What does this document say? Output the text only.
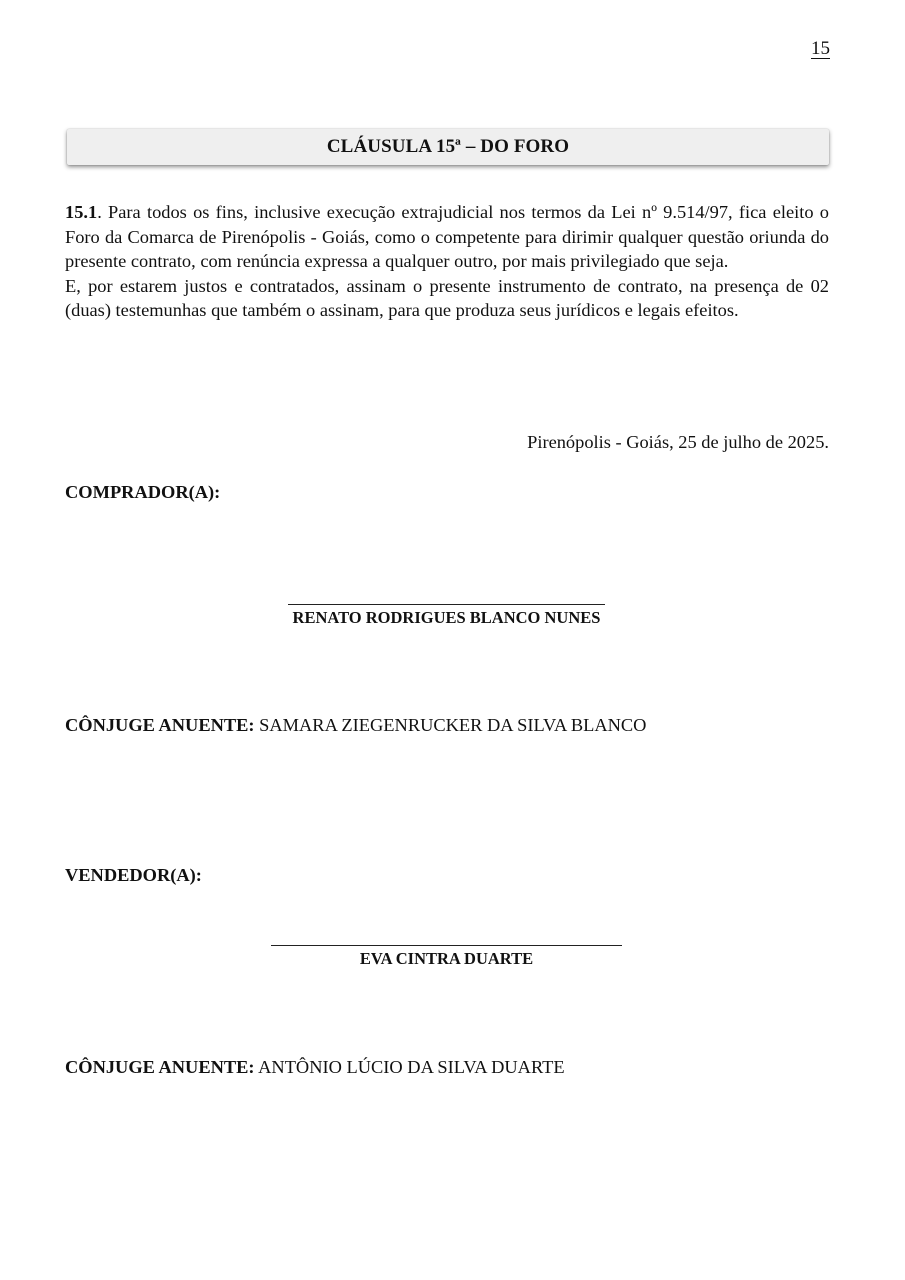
15
CLÁUSULA 15ª – DO FORO

15.1. Para todos os fins, inclusive execução extrajudicial nos termos da Lei nº 9.514/97, fica eleito o Foro da Comarca de Pirenópolis - Goiás, como o competente para dirimir qualquer questão oriunda do presente contrato, com renúncia expressa a qualquer outro, por mais privilegiado que seja.

E, por estarem justos e contratados, assinam o presente instrumento de contrato, na presença de 02 (duas) testemunhas que também o assinam, para que produza seus jurídicos e legais efeitos.

Pirenópolis - Goiás, 25 de julho de 2025.
COMPRADOR(A):
RENATO RODRIGUES BLANCO NUNES
CÔNJUGE ANUENTE: SAMARA ZIEGENRUCKER DA SILVA BLANCO
VENDEDOR(A):
EVA CINTRA DUARTE
CÔNJUGE ANUENTE: ANTÔNIO LÚCIO DA SILVA DUARTE
